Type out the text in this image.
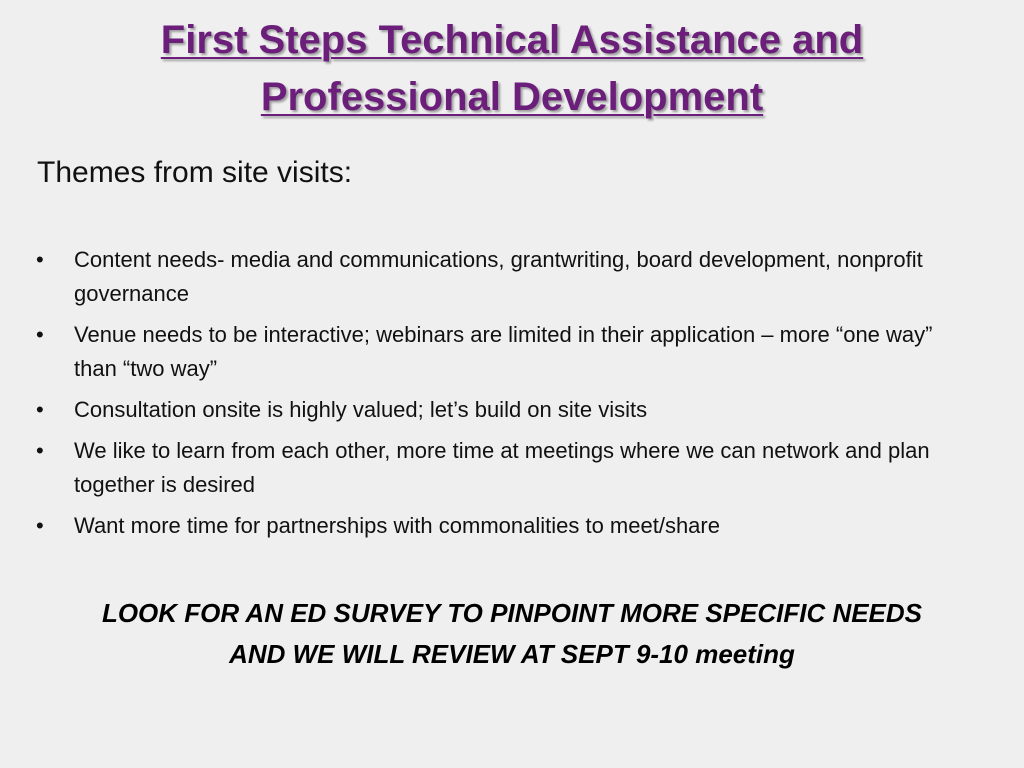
First Steps Technical Assistance and
Professional Development
Themes from site visits:
•	Content needs- media and communications, grantwriting, board development, nonprofit governance
•	Venue needs to be interactive; webinars are limited in their application – more “one way” than “two way”
•	Consultation onsite is highly valued; let’s build on site visits
•	We like to learn from each other, more time at meetings where we can network and plan together is desired
•	Want more time for partnerships with commonalities to meet/share

LOOK FOR AN ED SURVEY TO PINPOINT MORE SPECIFIC NEEDS
AND WE WILL REVIEW AT SEPT 9-10 meeting
